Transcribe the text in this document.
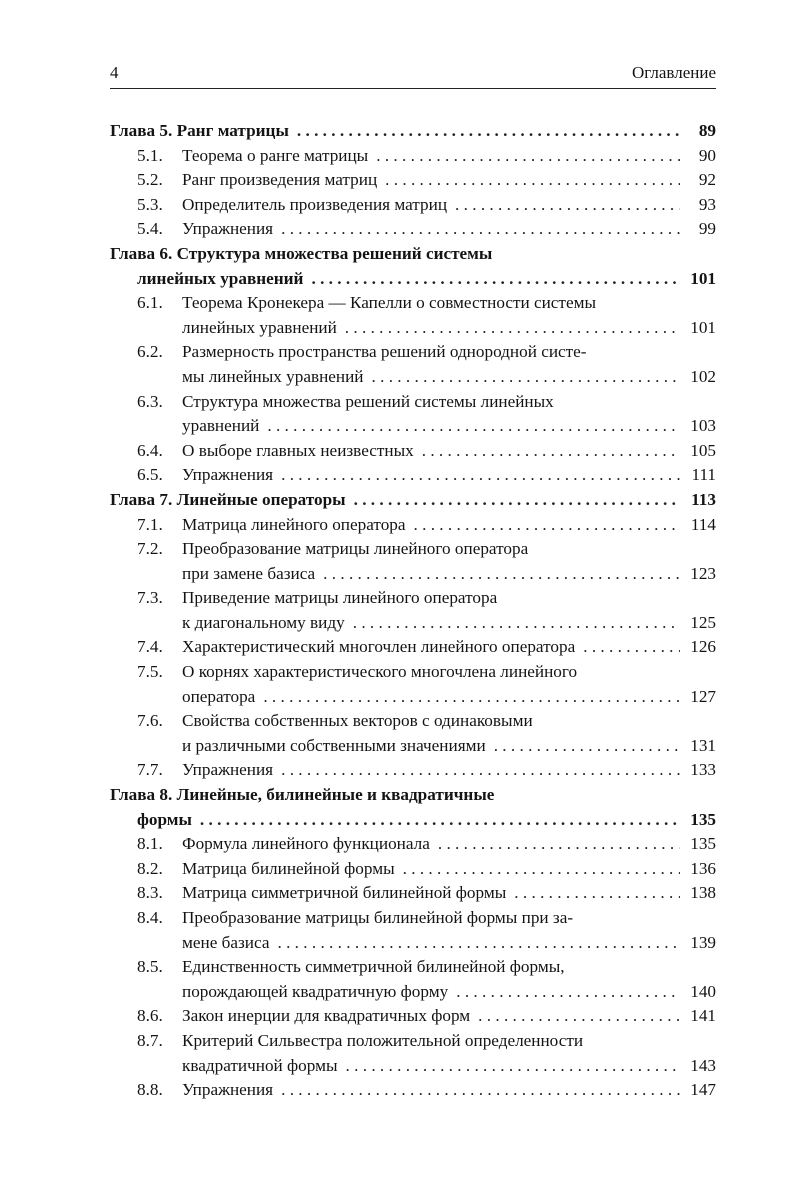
4	Оглавление
Глава 5. Ранг матрицы . . .	89
5.1.	Теорема о ранге матрицы . . .	90
5.2.	Ранг произведения матриц . . .	92
5.3.	Определитель произведения матриц . . .	93
5.4.	Упражнения . . .	99
Глава 6. Структура множества решений системы
линейных уравнений . . .	101
6.1.	Теорема Кронекера — Капелли о совместности системы
линейных уравнений . . .	101
6.2.	Размерность пространства решений однородной систе-
мы линейных уравнений . . .	102
6.3.	Структура множества решений системы линейных
уравнений . . .	103
6.4.	О выборе главных неизвестных . . .	105
6.5.	Упражнения . . .	111
Глава 7. Линейные операторы . . .	113
7.1.	Матрица линейного оператора . . .	114
7.2.	Преобразование матрицы линейного оператора
при замене базиса . . .	123
7.3.	Приведение матрицы линейного оператора
к диагональному виду . . .	125
7.4.	Характеристический многочлен линейного оператора . . .	126
7.5.	О корнях характеристического многочлена линейного
оператора . . .	127
7.6.	Свойства собственных векторов с одинаковыми
и различными собственными значениями . . .	131
7.7.	Упражнения . . .	133
Глава 8. Линейные, билинейные и квадратичные
формы . . .	135
8.1.	Формула линейного функционала . . .	135
8.2.	Матрица билинейной формы . . .	136
8.3.	Матрица симметричной билинейной формы . . .	138
8.4.	Преобразование матрицы билинейной формы при за-
мене базиса . . .	139
8.5.	Единственность симметричной билинейной формы,
порождающей квадратичную форму . . .	140
8.6.	Закон инерции для квадратичных форм . . .	141
8.7.	Критерий Сильвестра положительной определенности
квадратичной формы . . .	143
8.8.	Упражнения . . .	147
